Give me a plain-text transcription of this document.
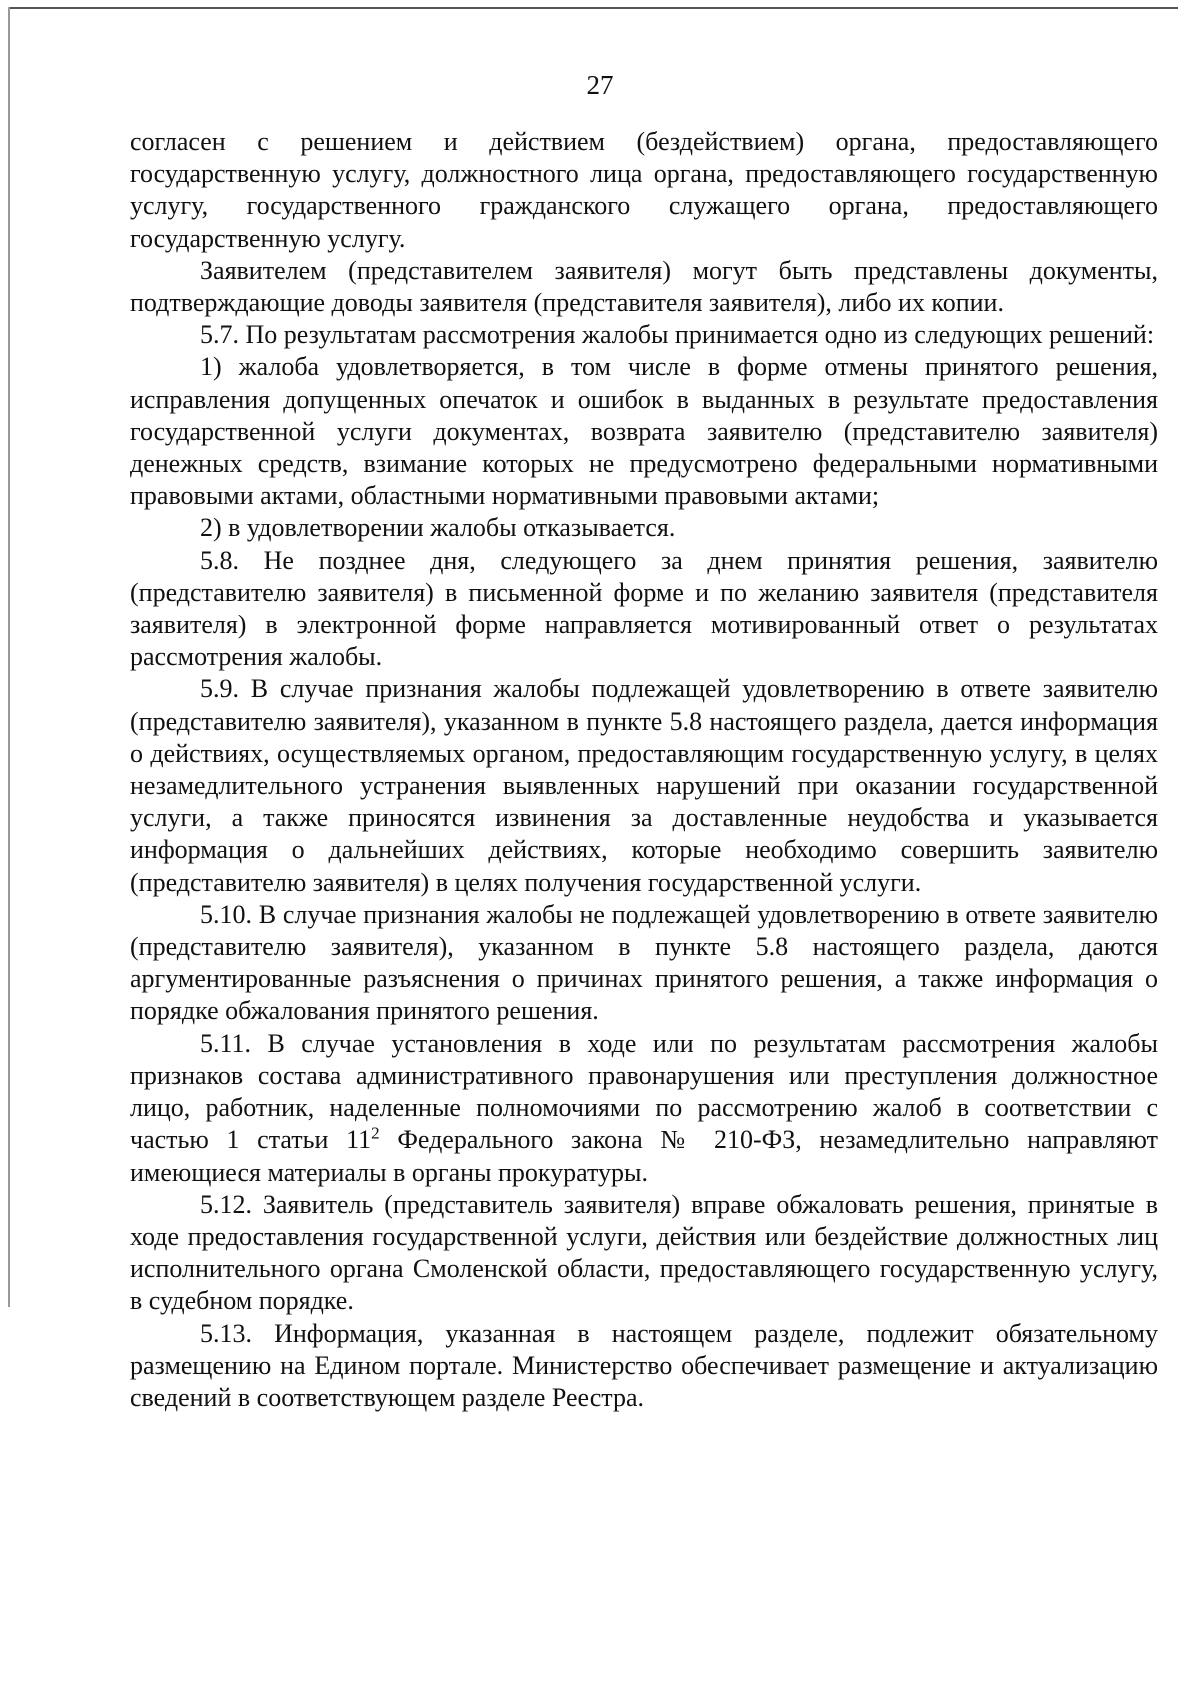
27

согласен с решением и действием (бездействием) органа, предоставляющего государственную услугу, должностного лица органа, предоставляющего государственную услугу, государственного гражданского служащего органа, предоставляющего государственную услугу.

Заявителем (представителем заявителя) могут быть представлены документы, подтверждающие доводы заявителя (представителя заявителя), либо их копии.

5.7. По результатам рассмотрения жалобы принимается одно из следующих решений:

1) жалоба удовлетворяется, в том числе в форме отмены принятого решения, исправления допущенных опечаток и ошибок в выданных в результате предоставления государственной услуги документах, возврата заявителю (представителю заявителя) денежных средств, взимание которых не предусмотрено федеральными нормативными правовыми актами, областными нормативными правовыми актами;

2) в удовлетворении жалобы отказывается.

5.8. Не позднее дня, следующего за днем принятия решения, заявителю (представителю заявителя) в письменной форме и по желанию заявителя (представителя заявителя) в электронной форме направляется мотивированный ответ о результатах рассмотрения жалобы.

5.9. В случае признания жалобы подлежащей удовлетворению в ответе заявителю (представителю заявителя), указанном в пункте 5.8 настоящего раздела, дается информация о действиях, осуществляемых органом, предоставляющим государственную услугу, в целях незамедлительного устранения выявленных нарушений при оказании государственной услуги, а также приносятся извинения за доставленные неудобства и указывается информация о дальнейших действиях, которые необходимо совершить заявителю (представителю заявителя) в целях получения государственной услуги.

5.10. В случае признания жалобы не подлежащей удовлетворению в ответе заявителю (представителю заявителя), указанном в пункте 5.8 настоящего раздела, даются аргументированные разъяснения о причинах принятого решения, а также информация о порядке обжалования принятого решения.

5.11. В случае установления в ходе или по результатам рассмотрения жалобы признаков состава административного правонарушения или преступления должностное лицо, работник, наделенные полномочиями по рассмотрению жалоб в соответствии с частью 1 статьи $11^2$ Федерального закона № 210-ФЗ, незамедлительно направляют имеющиеся материалы в органы прокуратуры.

5.12. Заявитель (представитель заявителя) вправе обжаловать решения, принятые в ходе предоставления государственной услуги, действия или бездействие должностных лиц исполнительного органа Смоленской области, предоставляющего государственную услугу, в судебном порядке.

5.13. Информация, указанная в настоящем разделе, подлежит обязательному размещению на Едином портале. Министерство обеспечивает размещение и актуализацию сведений в соответствующем разделе Реестра.
